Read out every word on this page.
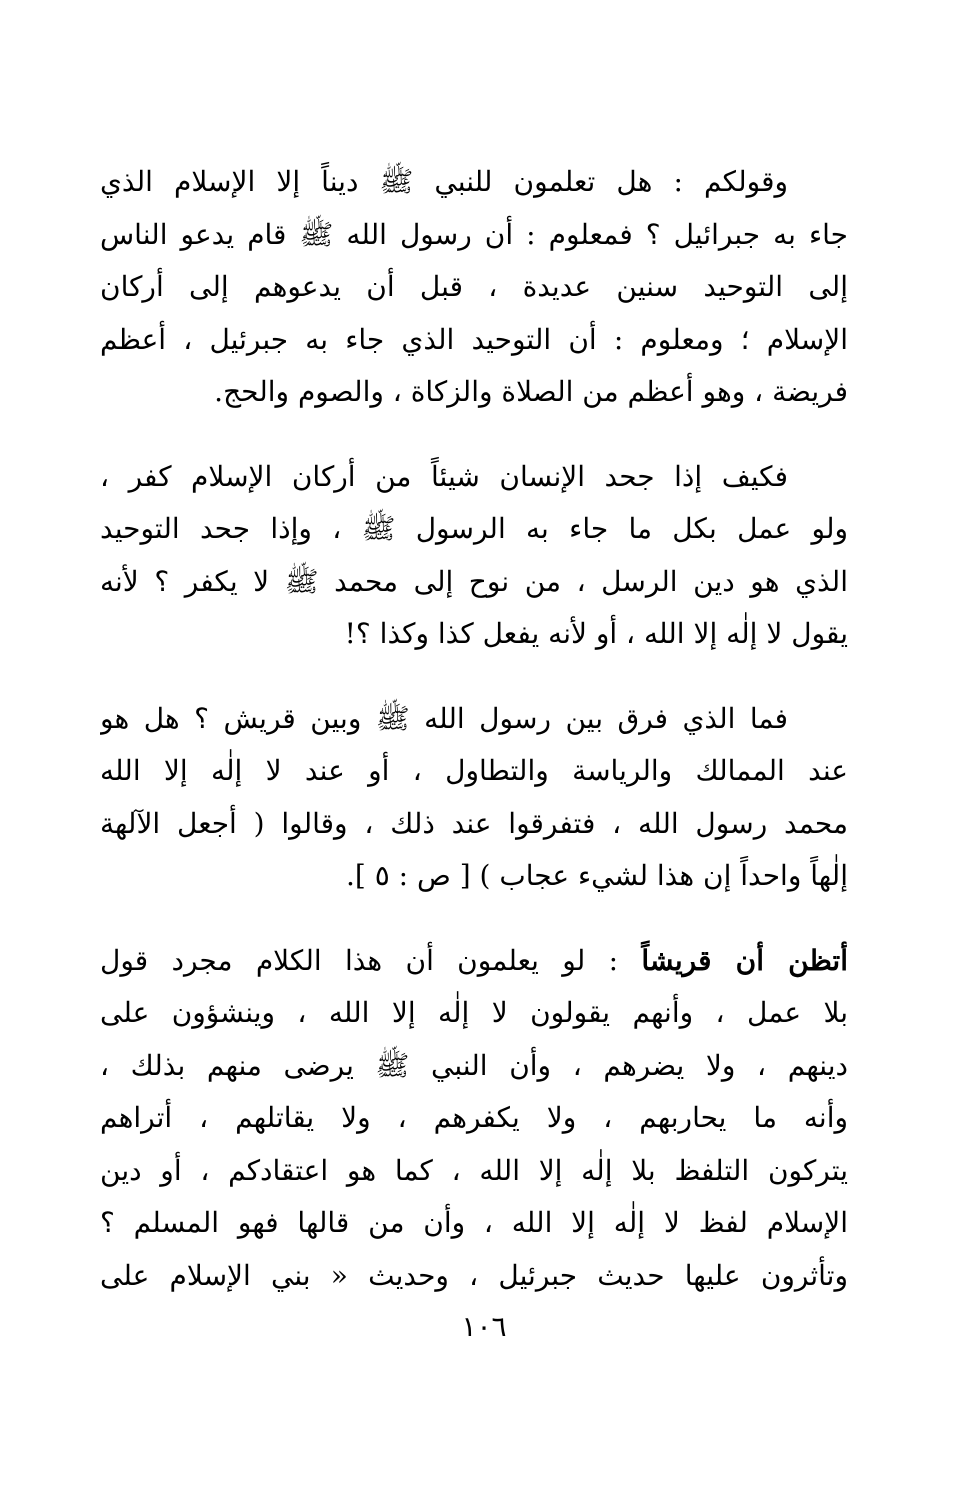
وقولكم : هل تعلمون للنبي ﷺ ديناً إلا الإسلام الذي
جاء به جبرائيل ؟ فمعلوم : أن رسول الله ﷺ قام يدعو الناس
إلى التوحيد سنين عديدة ، قبل أن يدعوهم إلى أركان
الإسلام ؛ ومعلوم : أن التوحيد الذي جاء به جبرئيل ، أعظم
فريضة ، وهو أعظم من الصلاة والزكاة ، والصوم والحج.

فكيف إذا جحد الإنسان شيئاً من أركان الإسلام كفر ،
ولو عمل بكل ما جاء به الرسول ﷺ ، وإذا جحد التوحيد
الذي هو دين الرسل ، من نوح إلى محمد ﷺ لا يكفر ؟ لأنه
يقول لا إلٰه إلا الله ، أو لأنه يفعل كذا وكذا ؟!

فما الذي فرق بين رسول الله ﷺ وبين قريش ؟ هل هو
عند الممالك والرياسة والتطاول ، أو عند لا إلٰه إلا الله
محمد رسول الله ، فتفرقوا عند ذلك ، وقالوا ( أجعل الآلهة
إلٰهاً واحداً إن هذا لشيء عجاب ) [ ص : ٥ ].

أتظن أن قريشاً : لو يعلمون أن هذا الكلام مجرد قول
بلا عمل ، وأنهم يقولون لا إلٰه إلا الله ، وينشؤون على
دينهم ، ولا يضرهم ، وأن النبي ﷺ يرضى منهم بذلك ،
وأنه ما يحاربهم ، ولا يكفرهم ، ولا يقاتلهم ، أتراهم
يتركون التلفظ بلا إلٰه إلا الله ، كما هو اعتقادكم ، أو دين
الإسلام لفظ لا إلٰه إلا الله ، وأن من قالها فهو المسلم ؟
وتأثرون عليها حديث جبرئيل ، وحديث « بني الإسلام على

١٠٦
